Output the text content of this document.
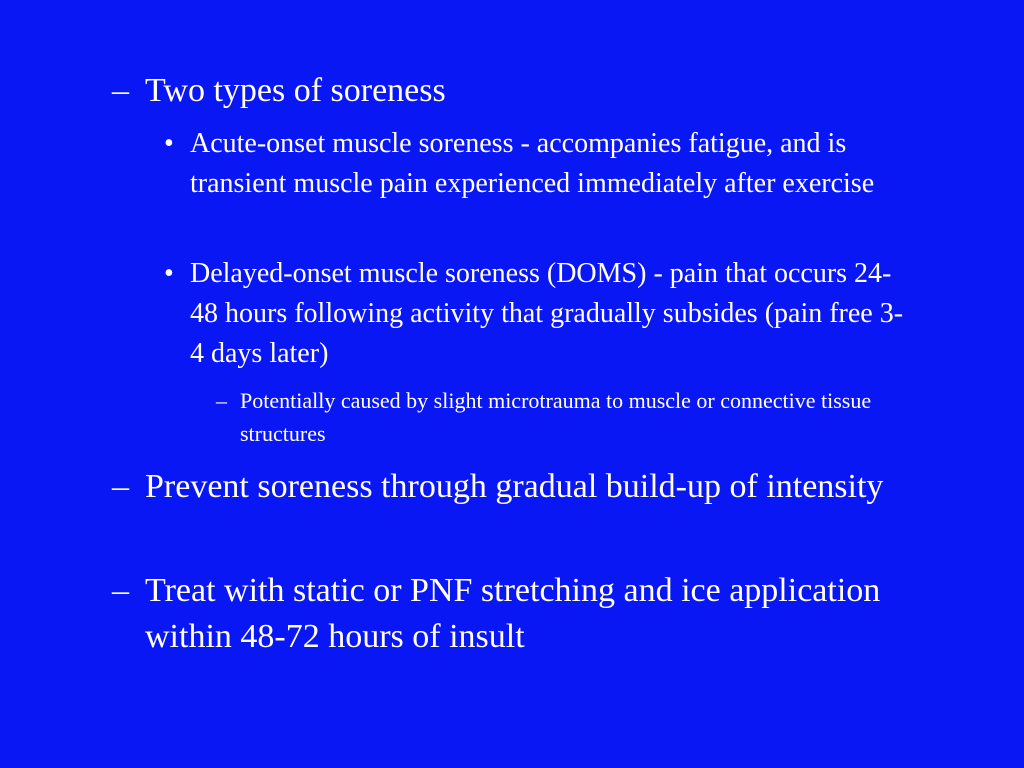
– Two types of soreness
• Acute-onset muscle soreness - accompanies fatigue, and is transient muscle pain experienced immediately after exercise
• Delayed-onset muscle soreness (DOMS) - pain that occurs 24-48 hours following activity that gradually subsides (pain free 3-4 days later)
– Potentially caused by slight microtrauma to muscle or connective tissue structures
– Prevent soreness through gradual build-up of intensity
– Treat with static or PNF stretching and ice application within 48-72 hours of insult
